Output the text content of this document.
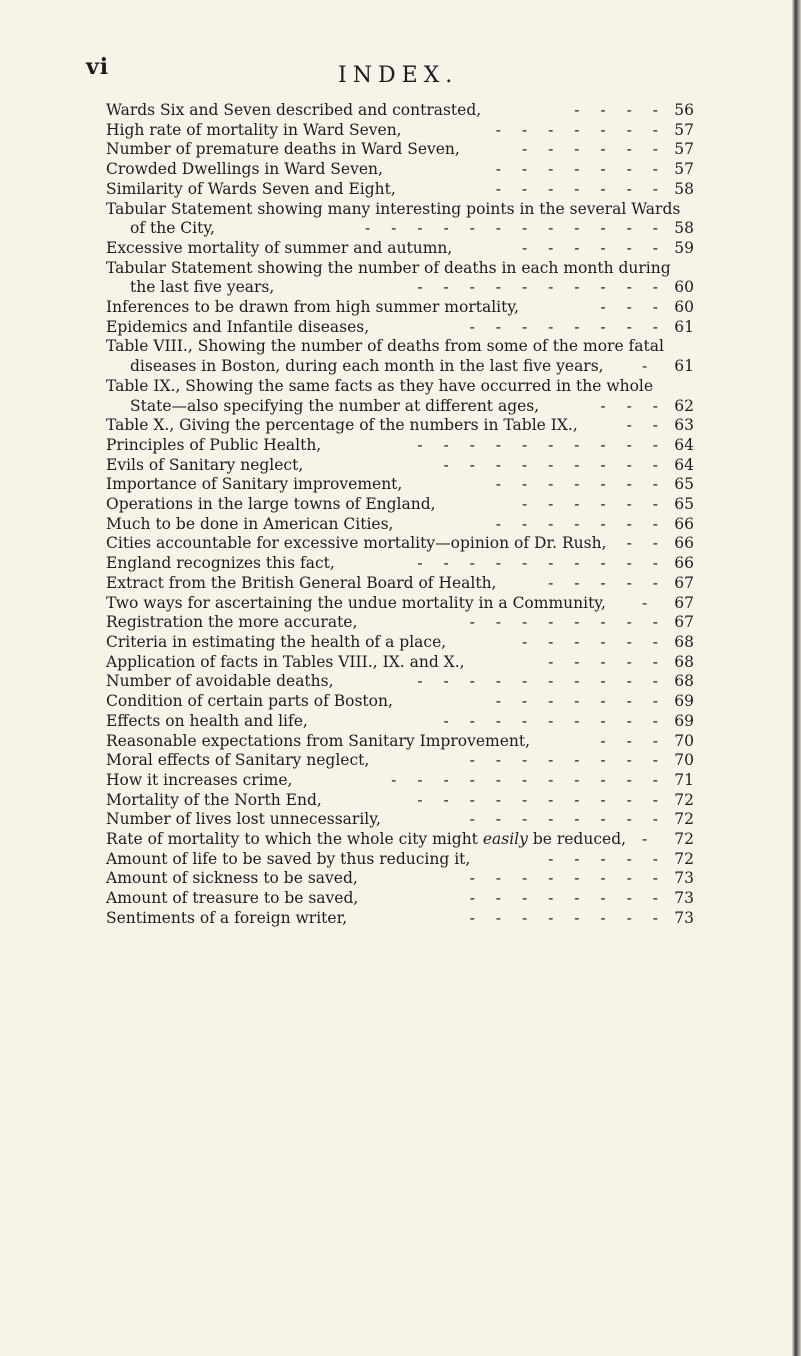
vi	INDEX.
Wards Six and Seven described and contrasted,	- - - - 56
High rate of mortality in Ward Seven,	- - - - - - - 57
Number of premature deaths in Ward Seven,	- - - - - - 57
Crowded Dwellings in Ward Seven,	- - - - - - - 57
Similarity of Wards Seven and Eight,	- - - - - - - 58
Tabular Statement showing many interesting points in the several Wards of the City,	- - - - - - - - - - - - 58
Excessive mortality of summer and autumn,	- - - - - - 59
Tabular Statement showing the number of deaths in each month during the last five years,	- - - - - - - - - - 60
Inferences to be drawn from high summer mortality,	- - - 60
Epidemics and Infantile diseases,	- - - - - - - - 61
Table VIII., Showing the number of deaths from some of the more fatal diseases in Boston, during each month in the last five years, -	61
Table IX., Showing the same facts as they have occurred in the whole State—also specifying the number at different ages,	- - - 62
Table X., Giving the percentage of the numbers in Table IX.,	- - 63
Principles of Public Health,	- - - - - - - - - - 64
Evils of Sanitary neglect,	- - - - - - - - - 64
Importance of Sanitary improvement,	- - - - - - - 65
Operations in the large towns of England,	- - - - - - 65
Much to be done in American Cities,	- - - - - - - 66
Cities accountable for excessive mortality—opinion of Dr. Rush, - - 66
England recognizes this fact,	- - - - - - - - - - 66
Extract from the British General Board of Health,	- - - - - 67
Two ways for ascertaining the undue mortality in a Community, -	67
Registration the more accurate,	- - - - - - - - 67
Criteria in estimating the health of a place,	- - - - - - 68
Application of facts in Tables VIII., IX. and X.,	- - - - - 68
Number of avoidable deaths,	- - - - - - - - - - 68
Condition of certain parts of Boston,	- - - - - - - 69
Effects on health and life,	- - - - - - - - - 69
Reasonable expectations from Sanitary Improvement,	- - - 70
Moral effects of Sanitary neglect,	- - - - - - - - 70
How it increases crime,	- - - - - - - - - - - 71
Mortality of the North End,	- - - - - - - - - - 72
Number of lives lost unnecessarily,	- - - - - - - - 72
Rate of mortality to which the whole city might easily be reduced, -	72
Amount of life to be saved by thus reducing it,	- - - - - 72
Amount of sickness to be saved,	- - - - - - - - 73
Amount of treasure to be saved,	- - - - - - - - 73
Sentiments of a foreign writer,	- - - - - - - - 73
